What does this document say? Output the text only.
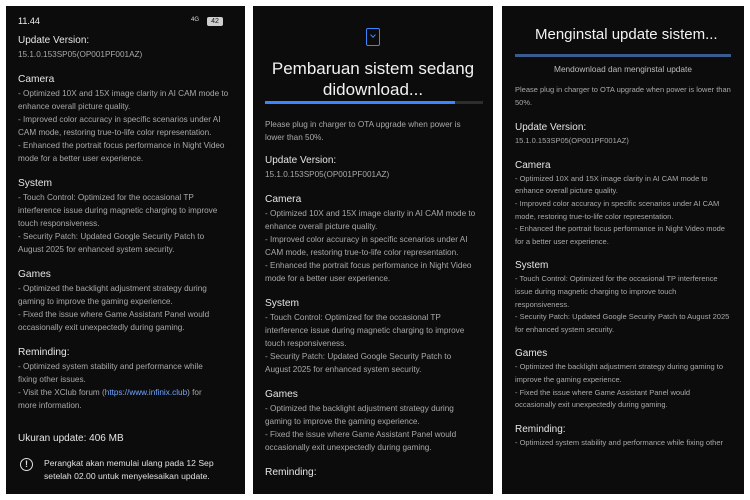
11.44	4G	42
Update Version:
15.1.0.153SP05(OP001PF001AZ)
Camera
- Optimized 10X and 15X image clarity in AI CAM mode to
enhance overall picture quality.
- Improved color accuracy in specific scenarios under AI
CAM mode, restoring true-to-life color representation.
- Enhanced the portrait focus performance in Night Video
mode for a better user experience.
System
- Touch Control: Optimized for the occasional TP
interference issue during magnetic charging to improve
touch responsiveness.
- Security Patch: Updated Google Security Patch to
August 2025 for enhanced system security.
Games
- Optimized the backlight adjustment strategy during
gaming to improve the gaming experience.
- Fixed the issue where Game Assistant Panel would
occasionally exit unexpectedly during gaming.
Reminding:
- Optimized system stability and performance while
fixing other issues.
- Visit the XClub forum (https://www.infinix.club) for
more information.
Ukuran update: 406 MB
!	Perangkat akan memulai ulang pada 12 Sep
setelah 02.00 untuk menyelesaikan update.
Pembaruan sistem sedang
didownload...
Please plug in charger to OTA upgrade when power is
lower than 50%.
Update Version:
15.1.0.153SP05(OP001PF001AZ)
Camera
- Optimized 10X and 15X image clarity in AI CAM mode to
enhance overall picture quality.
- Improved color accuracy in specific scenarios under AI
CAM mode, restoring true-to-life color representation.
- Enhanced the portrait focus performance in Night Video
mode for a better user experience.
System
- Touch Control: Optimized for the occasional TP
interference issue during magnetic charging to improve
touch responsiveness.
- Security Patch: Updated Google Security Patch to
August 2025 for enhanced system security.
Games
- Optimized the backlight adjustment strategy during
gaming to improve the gaming experience.
- Fixed the issue where Game Assistant Panel would
occasionally exit unexpectedly during gaming.
Reminding:
Menginstal update sistem...
Mendownload dan menginstal update
Please plug in charger to OTA upgrade when power is lower than
50%.
Update Version:
15.1.0.153SP05(OP001PF001AZ)
Camera
- Optimized 10X and 15X image clarity in AI CAM mode to
enhance overall picture quality.
- Improved color accuracy in specific scenarios under AI CAM
mode, restoring true-to-life color representation.
- Enhanced the portrait focus performance in Night Video mode
for a better user experience.
System
- Touch Control: Optimized for the occasional TP interference
issue during magnetic charging to improve touch
responsiveness.
- Security Patch: Updated Google Security Patch to August 2025
for enhanced system security.
Games
- Optimized the backlight adjustment strategy during gaming to
improve the gaming experience.
- Fixed the issue where Game Assistant Panel would
occasionally exit unexpectedly during gaming.
Reminding:
- Optimized system stability and performance while fixing other
